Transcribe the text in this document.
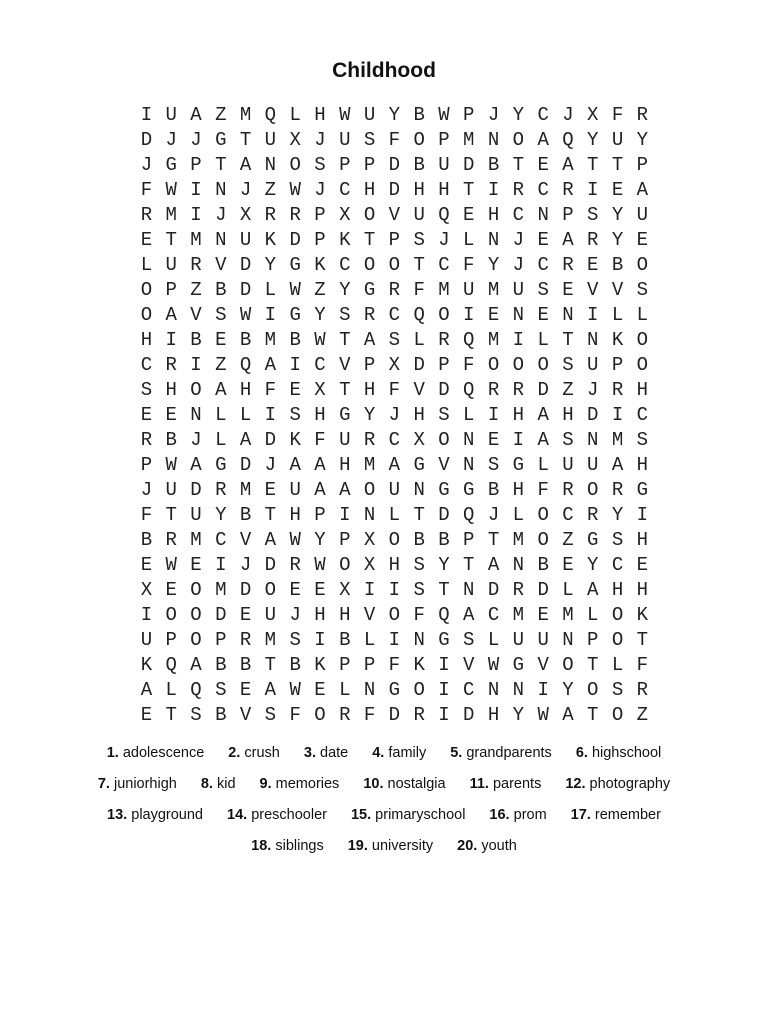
Childhood
I U A Z M Q L H W U Y B W P J Y C J X F R
D J J G T U X J U S F O P M N O A Q Y U Y
J G P T A N O S P P D B U D B T E A T T P
F W I N J Z W J C H D H H T I R C R I E A
R M I J X R R P X O V U Q E H C N P S Y U
E T M N U K D P K T P S J L N J E A R Y E
L U R V D Y G K C O O T C F Y J C R E B O
O P Z B D L W Z Y G R F M U M U S E V V S
O A V S W I G Y S R C Q O I E N E N I L L
H I B E B M B W T A S L R Q M I L T N K O
C R I Z Q A I C V P X D P F O O O S U P O
S H O A H F E X T H F V D Q R R D Z J R H
E E N L L I S H G Y J H S L I H A H D I C
R B J L A D K F U R C X O N E I A S N M S
P W A G D J A A H M A G V N S G L U U A H
J U D R M E U A A O U N G G B H F R O R G
F T U Y B T H P I N L T D Q J L O C R Y I
B R M C V A W Y P X O B B P T M O Z G S H
E W E I J D R W O X H S Y T A N B E Y C E
X E O M D O E E X I I S T N D R D L A H H
I O O D E U J H H V O F Q A C M E M L O K
U P O P R M S I B L I N G S L U U N P O T
K Q A B B T B K P P F K I V W G V O T L F
A L Q S E A W E L N G O I C N N I Y O S R
E T S B V S F O R F D R I D H Y W A T O Z
1. adolescence 2. crush 3. date 4. family 5. grandparents 6. highschool
7. juniorhigh 8. kid 9. memories 10. nostalgia 11. parents 12. photography
13. playground 14. preschooler 15. primaryschool 16. prom 17. remember
18. siblings 19. university 20. youth
